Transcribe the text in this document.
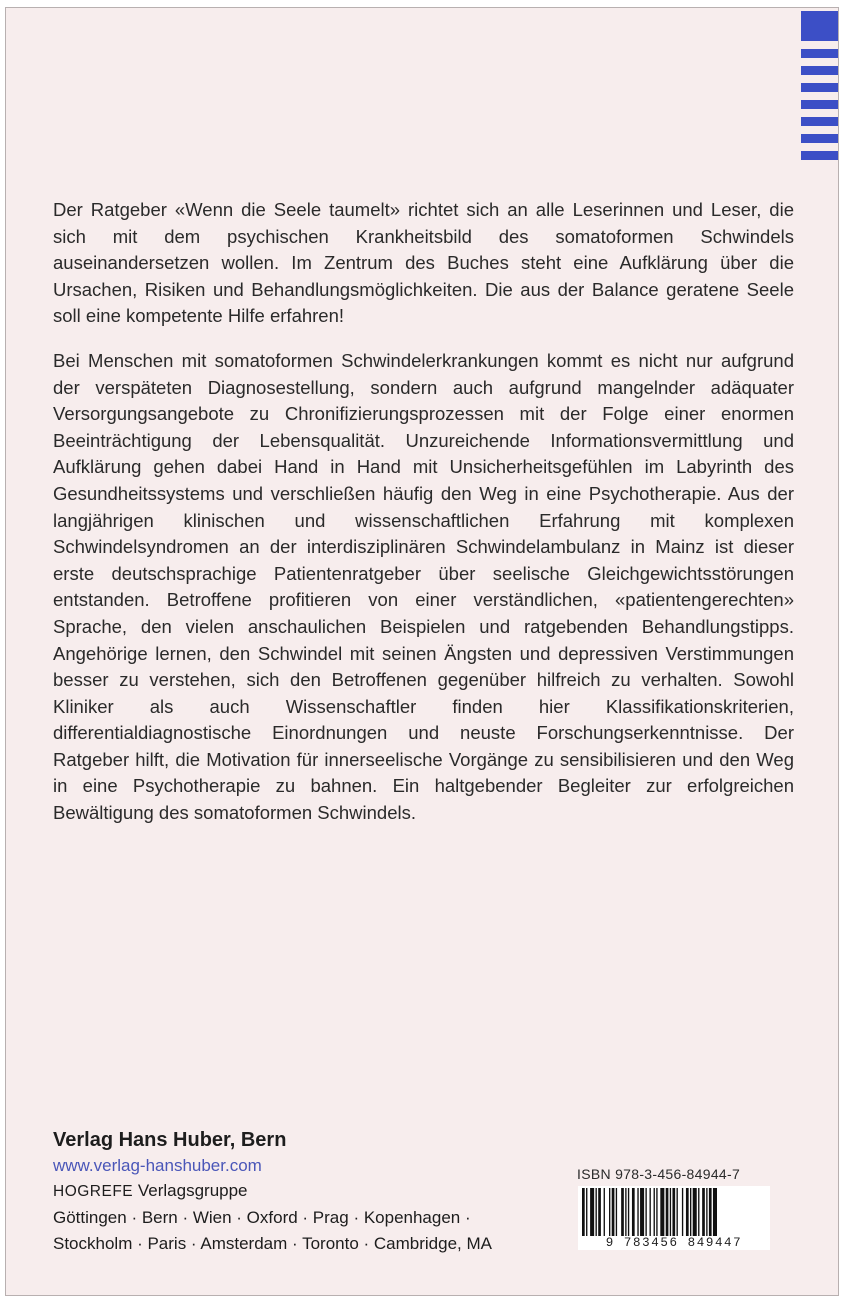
Der Ratgeber «Wenn die Seele taumelt» richtet sich an alle Leserinnen und Leser, die sich mit dem psychischen Krankheitsbild des somatoformen Schwindels auseinandersetzen wollen. Im Zentrum des Buches steht eine Aufklärung über die Ursachen, Risiken und Behandlungsmöglichkeiten. Die aus der Balance geratene Seele soll eine kompetente Hilfe erfahren!

Bei Menschen mit somatoformen Schwindelerkrankungen kommt es nicht nur aufgrund der verspäteten Diagnosestellung, sondern auch aufgrund mangelnder adäquater Versorgungsangebote zu Chronifizierungsprozessen mit der Folge einer enormen Beeinträchtigung der Lebensqualität. Unzureichende Informationsvermittlung und Aufklärung gehen dabei Hand in Hand mit Unsicherheitsgefühlen im Labyrinth des Gesundheitssystems und verschließen häufig den Weg in eine Psychotherapie. Aus der langjährigen klinischen und wissenschaftlichen Erfahrung mit komplexen Schwindelsyndromen an der interdisziplinären Schwindelambulanz in Mainz ist dieser erste deutschsprachige Patientenratgeber über seelische Gleichgewichtsstörungen entstanden. Betroffene profitieren von einer verständlichen, «patientengerechten» Sprache, den vielen anschaulichen Beispielen und ratgebenden Behandlungstipps. Angehörige lernen, den Schwindel mit seinen Ängsten und depressiven Verstimmungen besser zu verstehen, sich den Betroffenen gegenüber hilfreich zu verhalten. Sowohl Kliniker als auch Wissenschaftler finden hier Klassifikationskriterien, differentialdiagnostische Einordnungen und neuste Forschungserkenntnisse. Der Ratgeber hilft, die Motivation für innerseelische Vorgänge zu sensibilisieren und den Weg in eine Psychotherapie zu bahnen. Ein haltgebender Begleiter zur erfolgreichen Bewältigung des somatoformen Schwindels.

Verlag Hans Huber, Bern
www.verlag-hanshuber.com
HOGREFE Verlagsgruppe
Göttingen · Bern · Wien · Oxford · Prag · Kopenhagen ·
Stockholm · Paris · Amsterdam · Toronto · Cambridge, MA
ISBN 978-3-456-84944-7
9 783456 849447
